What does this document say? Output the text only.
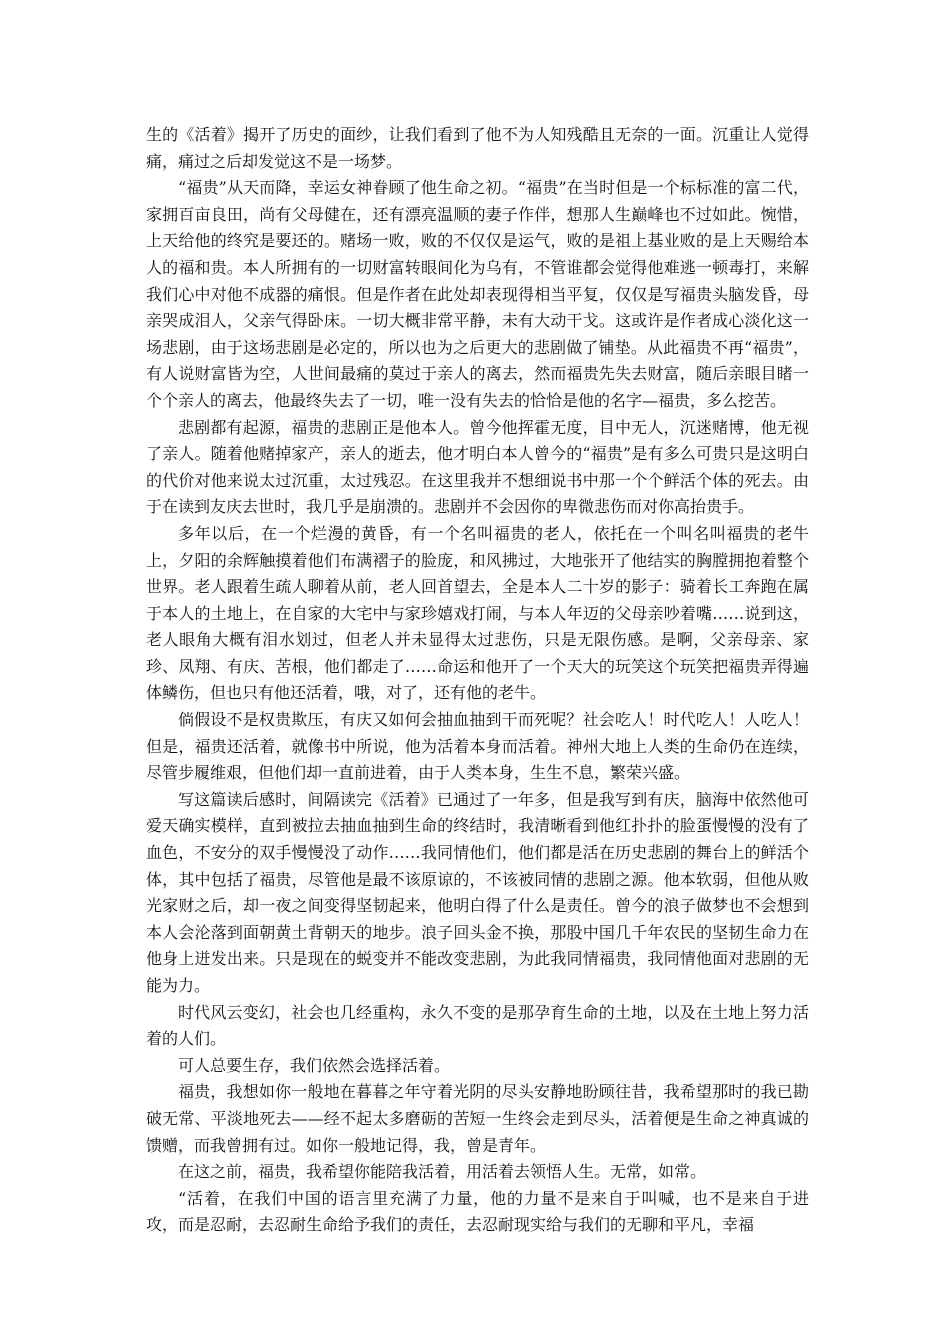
生的《活着》揭开了历史的面纱，让我们看到了他不为人知残酷且无奈的一面。沉重让人觉得痛，痛过之后却发觉这不是一场梦。

“福贵”从天而降，幸运女神眷顾了他生命之初。“福贵”在当时但是一个标标准的富二代，家拥百亩良田，尚有父母健在，还有漂亮温顺的妻子作伴，想那人生巅峰也不过如此。惋惜，上天给他的终究是要还的。赌场一败，败的不仅仅是运气，败的是祖上基业败的是上天赐给本人的福和贵。本人所拥有的一切财富转眼间化为乌有，不管谁都会觉得他难逃一顿毒打，来解我们心中对他不成器的痛恨。但是作者在此处却表现得相当平复，仅仅是写福贵头脑发昏，母亲哭成泪人，父亲气得卧床。一切大概非常平静，未有大动干戈。这或许是作者成心淡化这一场悲剧，由于这场悲剧是必定的，所以也为之后更大的悲剧做了铺垫。从此福贵不再“福贵”，有人说财富皆为空，人世间最痛的莫过于亲人的离去，然而福贵先失去财富，随后亲眼目睹一个个亲人的离去，他最终失去了一切，唯一没有失去的恰恰是他的名字—福贵，多么挖苦。

悲剧都有起源，福贵的悲剧正是他本人。曾今他挥霍无度，目中无人，沉迷赌博，他无视了亲人。随着他赌掉家产，亲人的逝去，他才明白本人曾今的“福贵”是有多么可贵只是这明白的代价对他来说太过沉重，太过残忍。在这里我并不想细说书中那一个个鲜活个体的死去。由于在读到友庆去世时，我几乎是崩溃的。悲剧并不会因你的卑微悲伤而对你高抬贵手。

多年以后，在一个烂漫的黄昏，有一个名叫福贵的老人，依托在一个叫名叫福贵的老牛上，夕阳的余辉触摸着他们布满褶子的脸庞，和风拂过，大地张开了他结实的胸膛拥抱着整个世界。老人跟着生疏人聊着从前，老人回首望去，全是本人二十岁的影子：骑着长工奔跑在属于本人的土地上，在自家的大宅中与家珍嬉戏打闹，与本人年迈的父母亲吵着嘴……说到这，老人眼角大概有泪水划过，但老人并未显得太过悲伤，只是无限伤感。是啊，父亲母亲、家珍、凤翔、有庆、苦根，他们都走了……命运和他开了一个天大的玩笑这个玩笑把福贵弄得遍体鳞伤，但也只有他还活着，哦，对了，还有他的老牛。

倘假设不是权贵欺压，有庆又如何会抽血抽到干而死呢？社会吃人！时代吃人！人吃人！但是，福贵还活着，就像书中所说，他为活着本身而活着。神州大地上人类的生命仍在连续，尽管步履维艰，但他们却一直前进着，由于人类本身，生生不息，繁荣兴盛。

写这篇读后感时，间隔读完《活着》已通过了一年多，但是我写到有庆，脑海中依然他可爱天确实模样，直到被拉去抽血抽到生命的终结时，我清晰看到他红扑扑的脸蛋慢慢的没有了血色，不安分的双手慢慢没了动作……我同情他们，他们都是活在历史悲剧的舞台上的鲜活个体，其中包括了福贵，尽管他是最不该原谅的，不该被同情的悲剧之源。他本软弱，但他从败光家财之后，却一夜之间变得坚韧起来，他明白得了什么是责任。曾今的浪子做梦也不会想到本人会沦落到面朝黄土背朝天的地步。浪子回头金不换，那股中国几千年农民的坚韧生命力在他身上迸发出来。只是现在的蜕变并不能改变悲剧，为此我同情福贵，我同情他面对悲剧的无能为力。

时代风云变幻，社会也几经重构，永久不变的是那孕育生命的土地，以及在土地上努力活着的人们。

可人总要生存，我们依然会选择活着。

福贵，我想如你一般地在暮暮之年守着光阴的尽头安静地盼顾往昔，我希望那时的我已勘破无常、平淡地死去——经不起太多磨砺的苦短一生终会走到尽头，活着便是生命之神真诚的馈赠，而我曾拥有过。如你一般地记得，我，曾是青年。

在这之前，福贵，我希望你能陪我活着，用活着去领悟人生。无常，如常。

“活着，在我们中国的语言里充满了力量，他的力量不是来自于叫喊，也不是来自于进攻，而是忍耐，去忍耐生命给予我们的责任，去忍耐现实给与我们的无聊和平凡，幸福
